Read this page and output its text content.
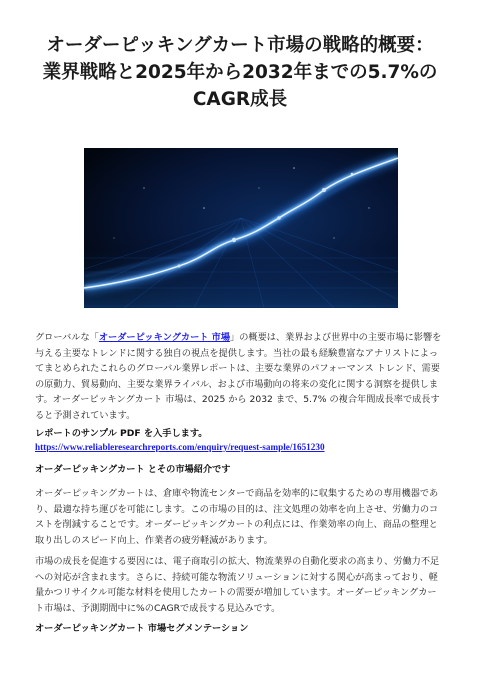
オーダーピッキングカート市場の戦略的概要：
業界戦略と2025年から2032年までの5.7%の
CAGR成長

グローバルな「オーダーピッキングカート 市場」の概要は、業界および世界中の主要市場に影響を与える主要なトレンドに関する独自の視点を提供します。当社の最も経験豊富なアナリストによってまとめられたこれらのグローバル業界レポートは、主要な業界のパフォーマンス トレンド、需要の原動力、貿易動向、主要な業界ライバル、および市場動向の将来の変化に関する洞察を提供します。オーダーピッキングカート 市場は、2025 から 2032 まで、5.7% の複合年間成長率で成長すると予測されています。

レポートのサンプル PDF を入手します。

https://www.reliableresearchreports.com/enquiry/request-sample/1651230

オーダーピッキングカート とその市場紹介です

オーダーピッキングカートは、倉庫や物流センターで商品を効率的に収集するための専用機器であり、最適な持ち運びを可能にします。この市場の目的は、注文処理の効率を向上させ、労働力のコストを削減することです。オーダーピッキングカートの利点には、作業効率の向上、商品の整理と取り出しのスピード向上、作業者の疲労軽減があります。

市場の成長を促進する要因には、電子商取引の拡大、物流業界の自動化要求の高まり、労働力不足への対応が含まれます。さらに、持続可能な物流ソリューションに対する関心が高まっており、軽量かつリサイクル可能な材料を使用したカートの需要が増加しています。オーダーピッキングカート市場は、予測期間中に%のCAGRで成長する見込みです。

オーダーピッキングカート 市場セグメンテーション
